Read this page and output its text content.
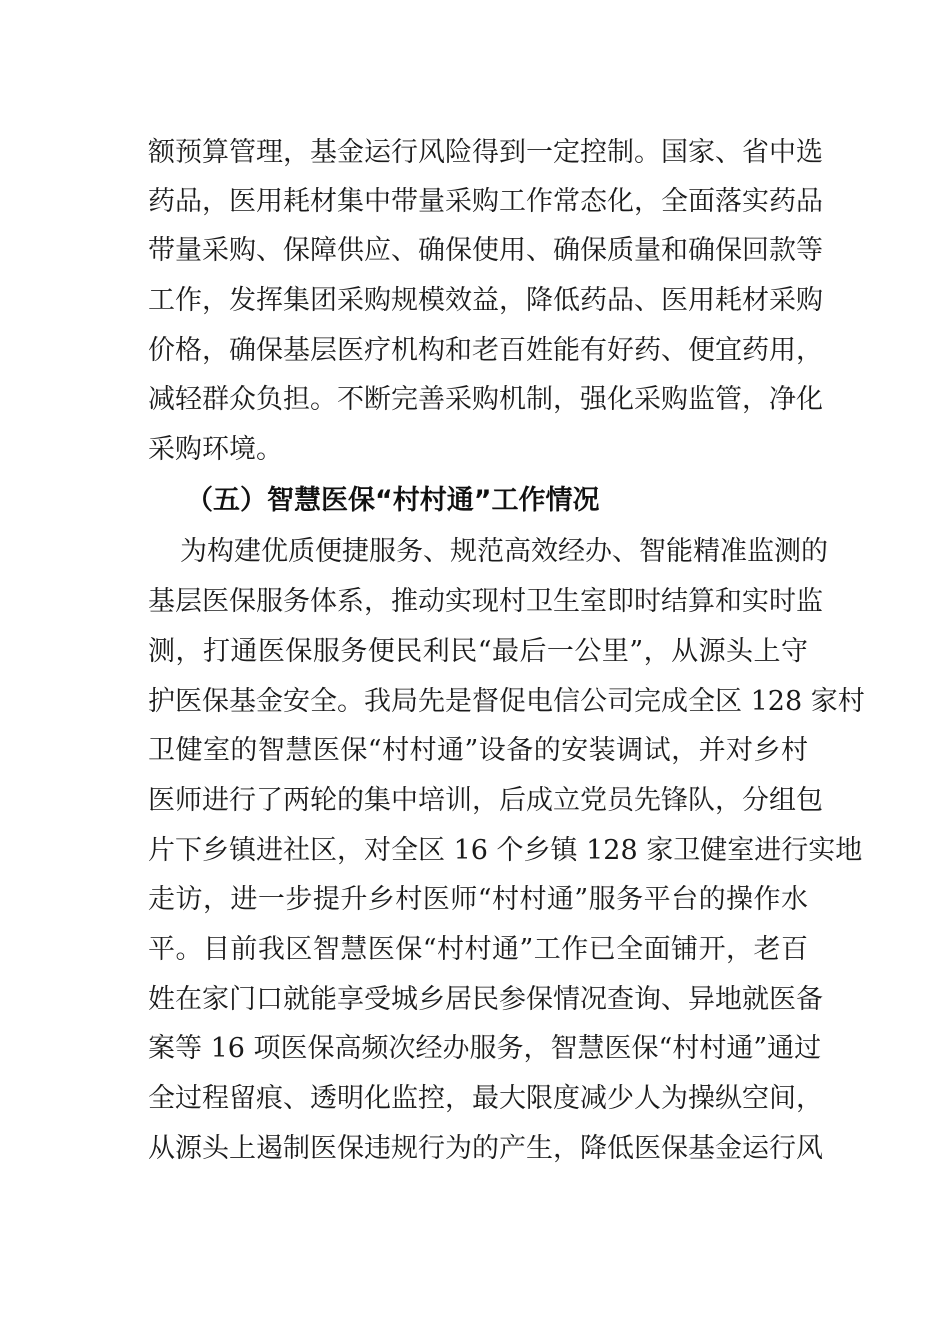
额预算管理，基金运行风险得到一定控制。国家、省中选
药品，医用耗材集中带量采购工作常态化，全面落实药品
带量采购、保障供应、确保使用、确保质量和确保回款等
工作，发挥集团采购规模效益，降低药品、医用耗材采购
价格，确保基层医疗机构和老百姓能有好药、便宜药用，
减轻群众负担。不断完善采购机制，强化采购监管，净化
采购环境。
（五）智慧医保“村村通”工作情况
为构建优质便捷服务、规范高效经办、智能精准监测的
基层医保服务体系，推动实现村卫生室即时结算和实时监
测，打通医保服务便民利民“最后一公里”，从源头上守
护医保基金安全。我局先是督促电信公司完成全区 128 家村
卫健室的智慧医保“村村通”设备的安装调试，并对乡村
医师进行了两轮的集中培训，后成立党员先锋队，分组包
片下乡镇进社区，对全区 16 个乡镇 128 家卫健室进行实地
走访，进一步提升乡村医师“村村通”服务平台的操作水
平。目前我区智慧医保“村村通”工作已全面铺开，老百
姓在家门口就能享受城乡居民参保情况查询、异地就医备
案等 16 项医保高频次经办服务，智慧医保“村村通”通过
全过程留痕、透明化监控，最大限度减少人为操纵空间，
从源头上遏制医保违规行为的产生，降低医保基金运行风
